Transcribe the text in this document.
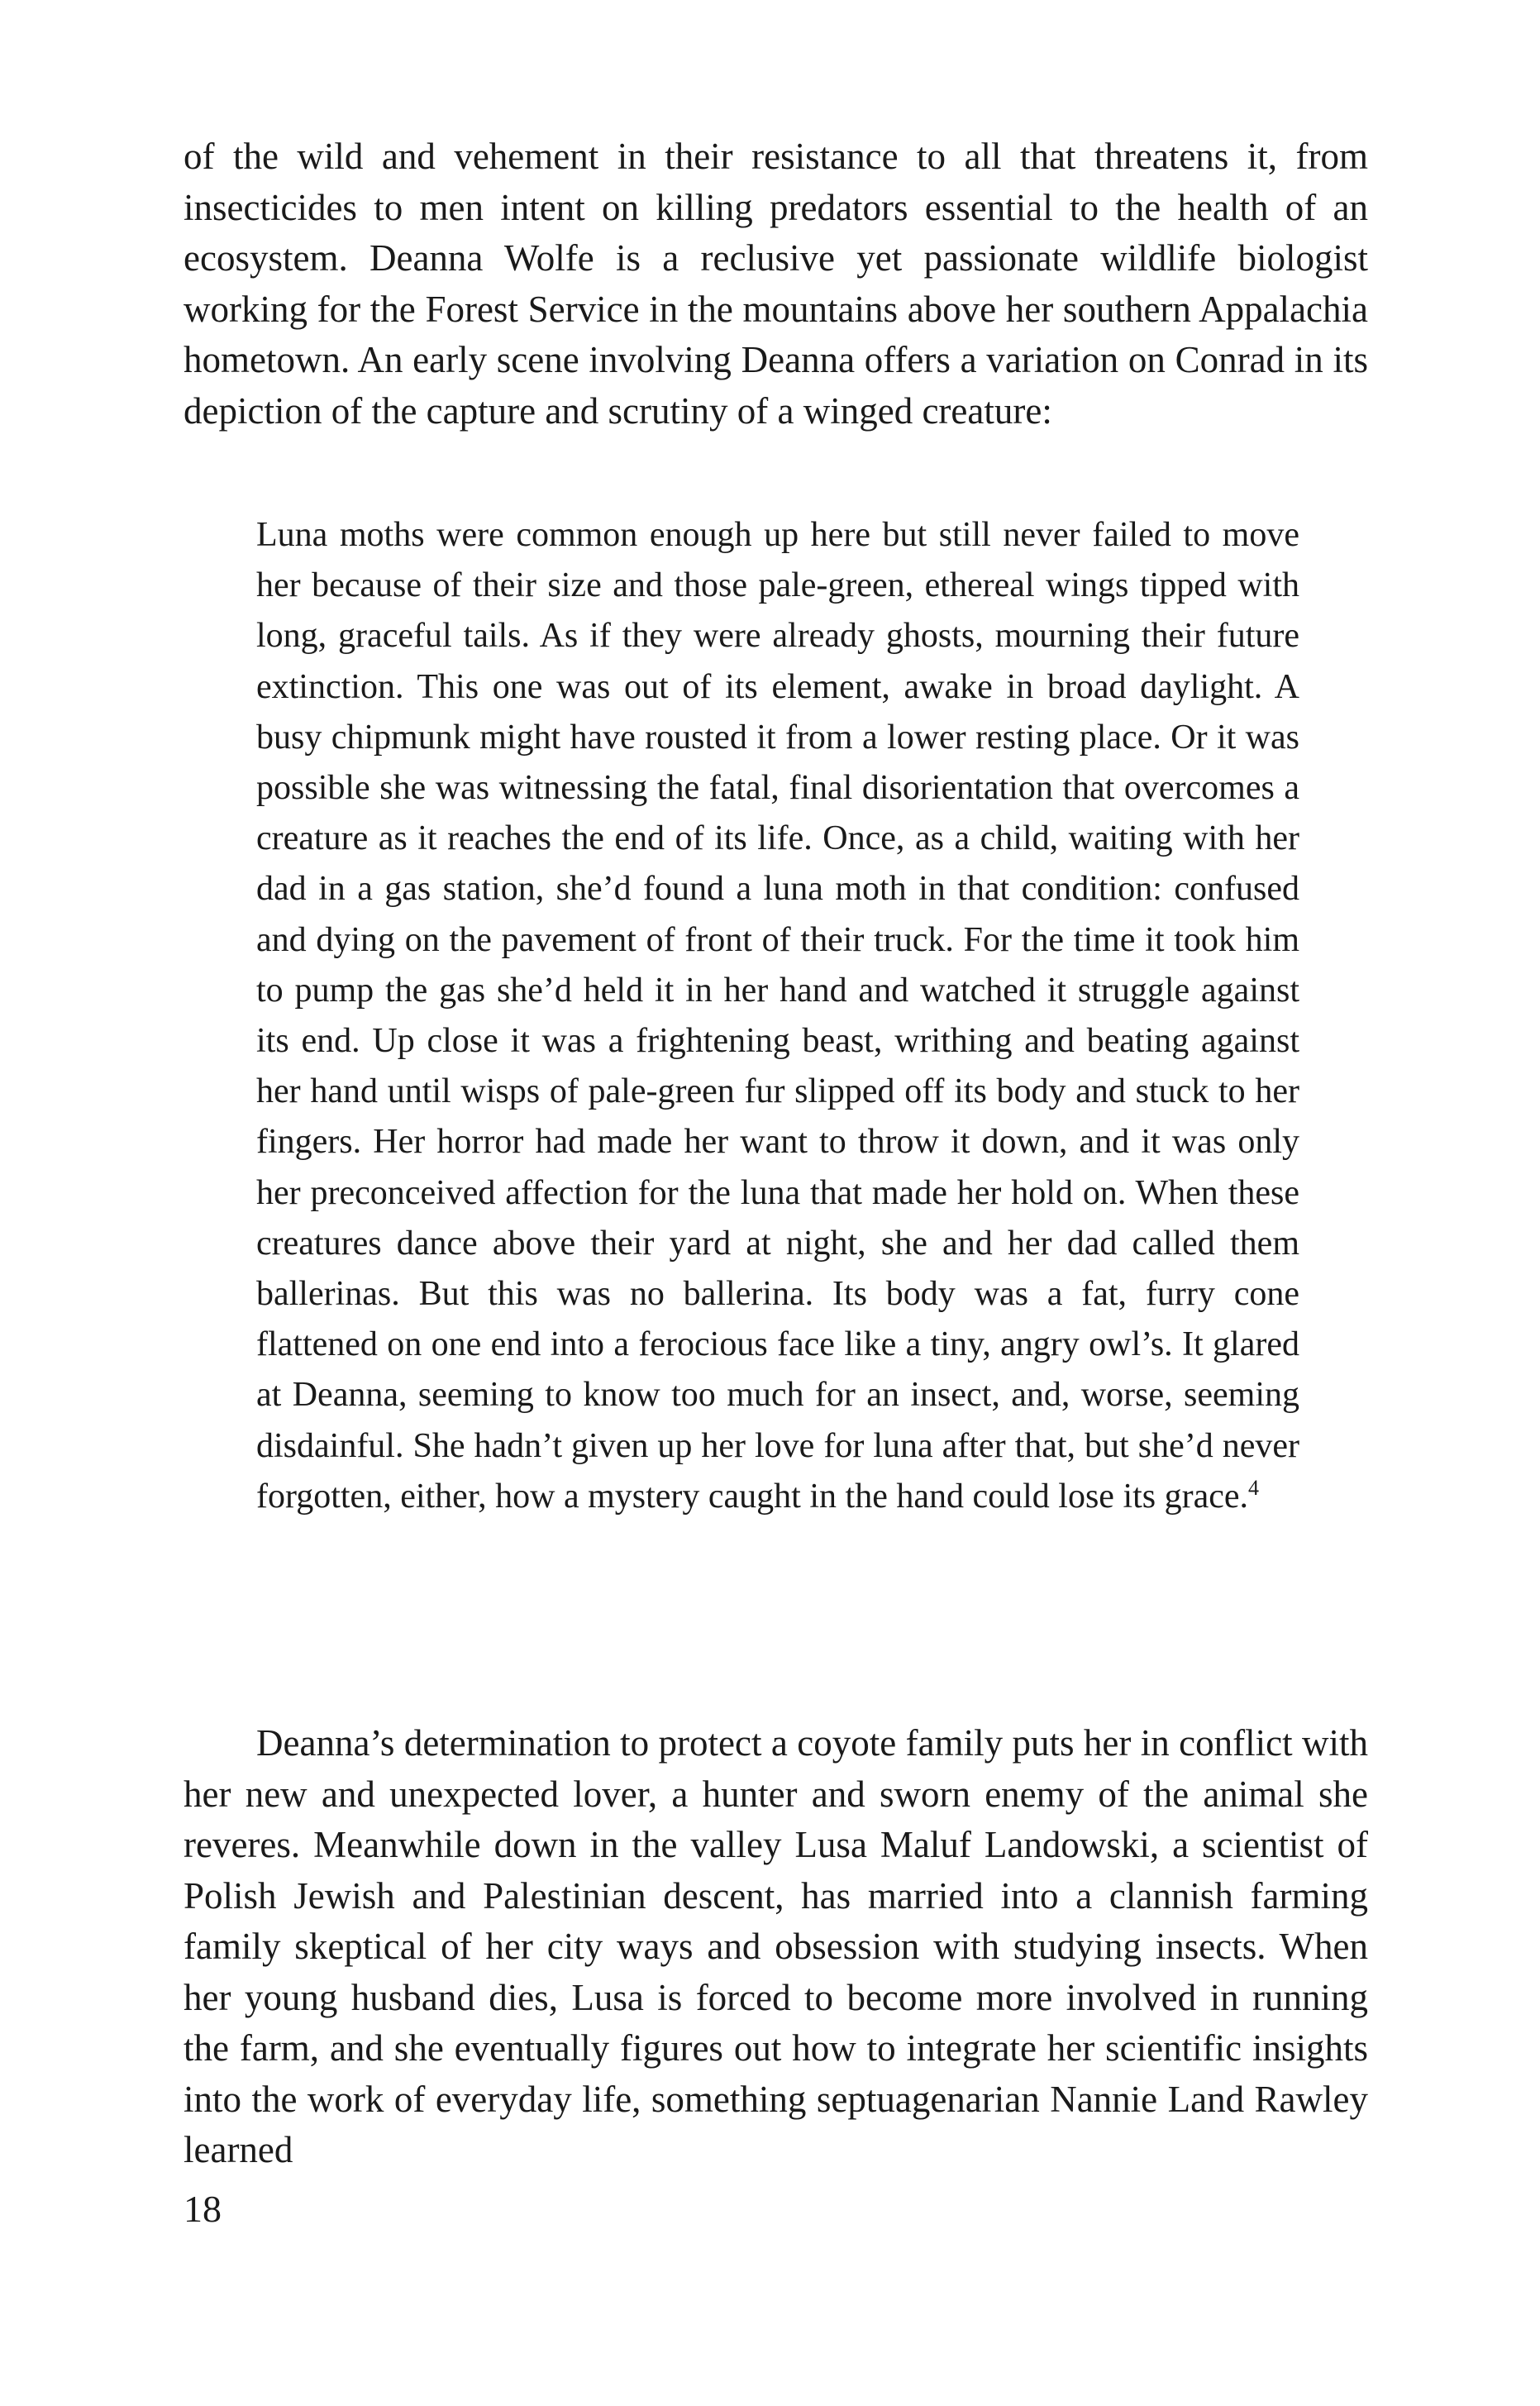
of the wild and vehement in their resistance to all that threatens it, from insecticides to men intent on killing predators essential to the health of an ecosystem. Deanna Wolfe is a reclusive yet passionate wildlife biologist working for the Forest Service in the mountains above her southern Appalachia hometown. An early scene involving Deanna offers a variation on Conrad in its depiction of the capture and scrutiny of a winged creature:

Luna moths were common enough up here but still never failed to move her because of their size and those pale-green, ethereal wings tipped with long, graceful tails. As if they were already ghosts, mourning their future extinction. This one was out of its element, awake in broad daylight. A busy chipmunk might have rousted it from a lower resting place. Or it was possible she was witnessing the fatal, final disorientation that overcomes a creature as it reaches the end of its life. Once, as a child, waiting with her dad in a gas station, she’d found a luna moth in that condition: confused and dying on the pavement of front of their truck. For the time it took him to pump the gas she’d held it in her hand and watched it struggle against its end. Up close it was a frightening beast, writhing and beating against her hand until wisps of pale-green fur slipped off its body and stuck to her fingers. Her horror had made her want to throw it down, and it was only her preconceived affection for the luna that made her hold on. When these creatures dance above their yard at night, she and her dad called them ballerinas. But this was no ballerina. Its body was a fat, furry cone flattened on one end into a ferocious face like a tiny, angry owl’s. It glared at Deanna, seeming to know too much for an insect, and, worse, seeming disdainful. She hadn’t given up her love for luna after that, but she’d never forgotten, either, how a mystery caught in the hand could lose its grace.$^4$

Deanna’s determination to protect a coyote family puts her in conflict with her new and unexpected lover, a hunter and sworn enemy of the animal she reveres. Meanwhile down in the valley Lusa Maluf Landowski, a scientist of Polish Jewish and Palestinian descent, has married into a clannish farming family skeptical of her city ways and obsession with studying insects. When her young husband dies, Lusa is forced to become more involved in running the farm, and she eventually figures out how to integrate her scientific insights into the work of everyday life, something septuagenarian Nannie Land Rawley learned

18
